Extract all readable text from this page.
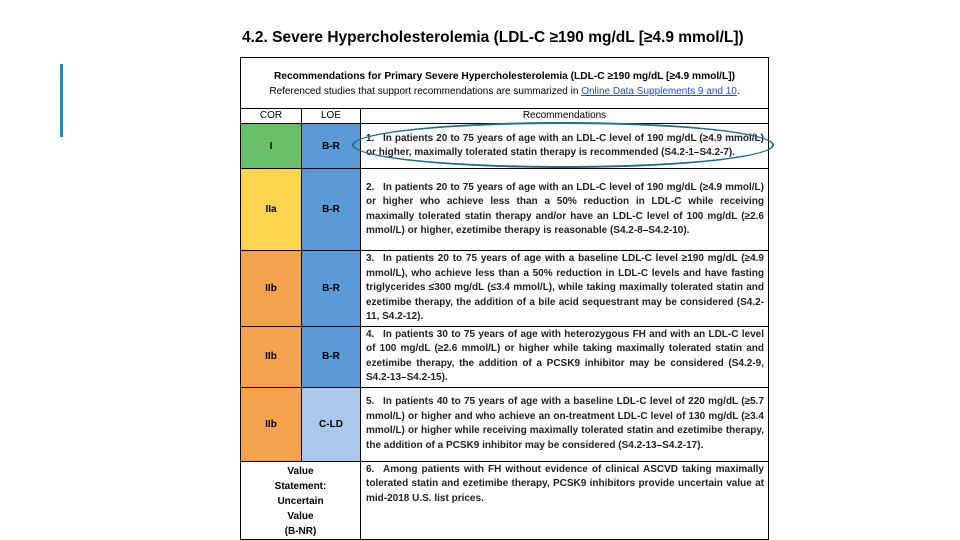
4.2. Severe Hypercholesterolemia (LDL-C ≥190 mg/dL [≥4.9 mmol/L])
Recommendations for Primary Severe Hypercholesterolemia (LDL-C ≥190 mg/dL [≥4.9 mmol/L])
Referenced studies that support recommendations are summarized in Online Data Supplements 9 and 10.		

COR	LOE	Recommendations
I	B-R	1. In patients 20 to 75 years of age with an LDL-C level of 190 mg/dL (≥4.9 mmol/L) or higher, maximally tolerated statin therapy is recommended (S4.2-1–S4.2-7).
IIa	B-R	2. In patients 20 to 75 years of age with an LDL-C level of 190 mg/dL (≥4.9 mmol/L) or higher who achieve less than a 50% reduction in LDL-C while receiving maximally tolerated statin therapy and/or have an LDL-C level of 100 mg/dL (≥2.6 mmol/L) or higher, ezetimibe therapy is reasonable (S4.2-8–S4.2-10).
IIb	B-R	3. In patients 20 to 75 years of age with a baseline LDL-C level ≥190 mg/dL (≥4.9 mmol/L), who achieve less than a 50% reduction in LDL-C levels and have fasting triglycerides ≤300 mg/dL (≤3.4 mmol/L), while taking maximally tolerated statin and ezetimibe therapy, the addition of a bile acid sequestrant may be considered (S4.2-11, S4.2-12).
IIb	B-R	4. In patients 30 to 75 years of age with heterozygous FH and with an LDL-C level of 100 mg/dL (≥2.6 mmol/L) or higher while taking maximally tolerated statin and ezetimibe therapy, the addition of a PCSK9 inhibitor may be considered (S4.2-9, S4.2-13–S4.2-15).
IIb	C-LD	5. In patients 40 to 75 years of age with a baseline LDL-C level of 220 mg/dL (≥5.7 mmol/L) or higher and who achieve an on-treatment LDL-C level of 130 mg/dL (≥3.4 mmol/L) or higher while receiving maximally tolerated statin and ezetimibe therapy, the addition of a PCSK9 inhibitor may be considered (S4.2-13–S4.2-17).

Value
Statement:
Uncertain
Value
(B-NR)		6. Among patients with FH without evidence of clinical ASCVD taking maximally tolerated statin and ezetimibe therapy, PCSK9 inhibitors provide uncertain value at mid-2018 U.S. list prices.
